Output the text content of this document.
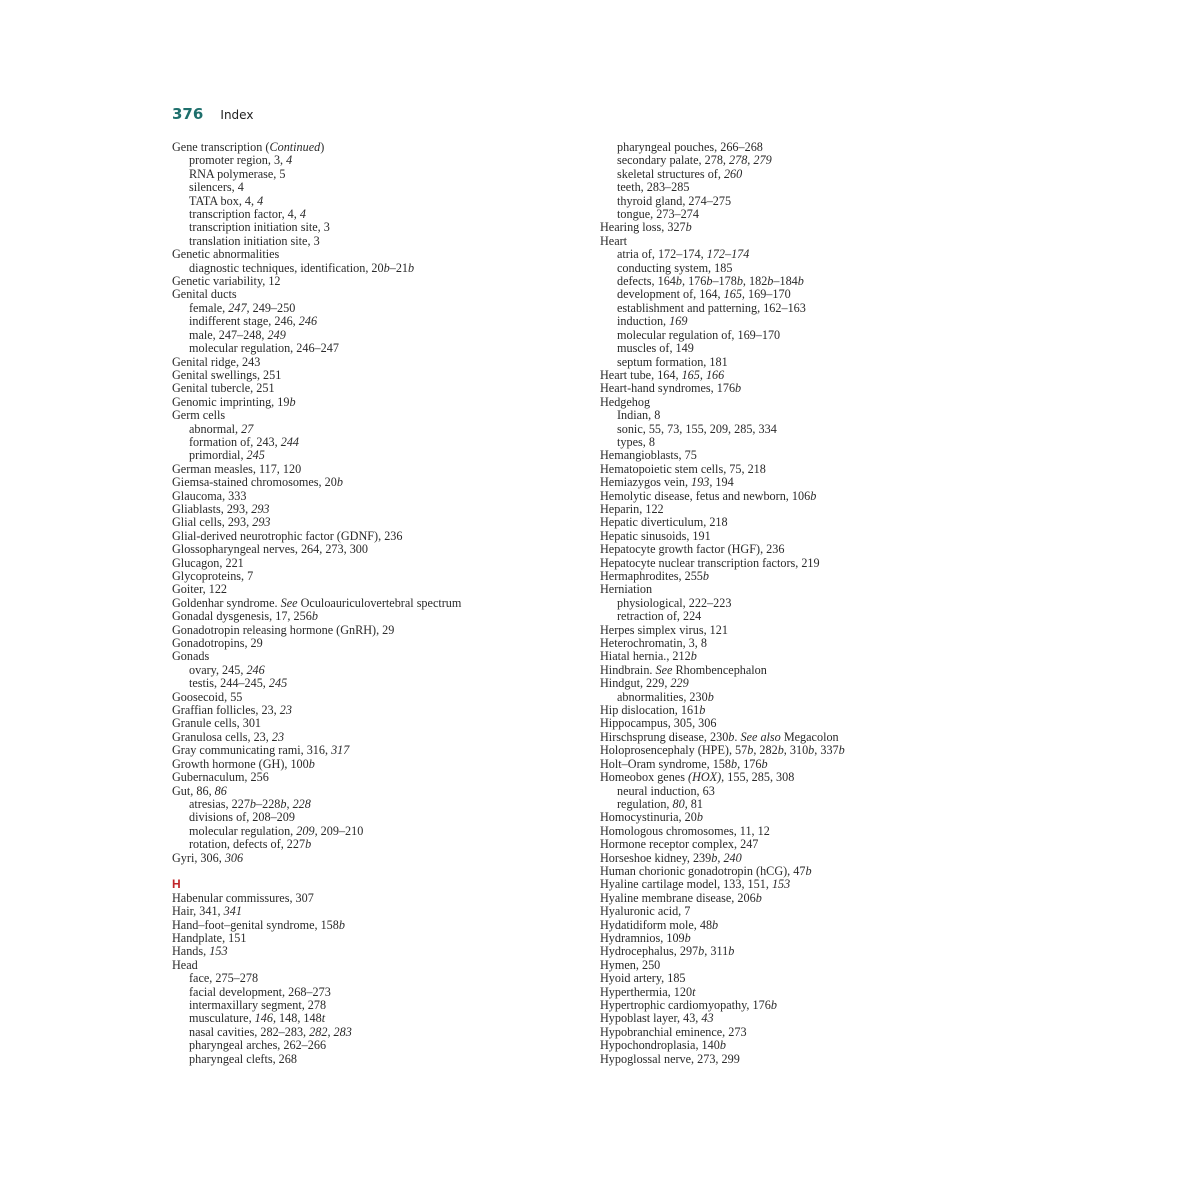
376 Index
Gene transcription (Continued)
promoter region, 3, 4
RNA polymerase, 5
silencers, 4
TATA box, 4, 4
transcription factor, 4, 4
transcription initiation site, 3
translation initiation site, 3
Genetic abnormalities
diagnostic techniques, identification, 20b–21b
Genetic variability, 12
Genital ducts
female, 247, 249–250
indifferent stage, 246, 246
male, 247–248, 249
molecular regulation, 246–247
Genital ridge, 243
Genital swellings, 251
Genital tubercle, 251
Genomic imprinting, 19b
Germ cells
abnormal, 27
formation of, 243, 244
primordial, 245
German measles, 117, 120
Giemsa-stained chromosomes, 20b
Glaucoma, 333
Gliablasts, 293, 293
Glial cells, 293, 293
Glial-derived neurotrophic factor (GDNF), 236
Glossopharyngeal nerves, 264, 273, 300
Glucagon, 221
Glycoproteins, 7
Goiter, 122
Goldenhar syndrome. See Oculoauriculovertebral spectrum
Gonadal dysgenesis, 17, 256b
Gonadotropin releasing hormone (GnRH), 29
Gonadotropins, 29
Gonads
ovary, 245, 246
testis, 244–245, 245
Goosecoid, 55
Graffian follicles, 23, 23
Granule cells, 301
Granulosa cells, 23, 23
Gray communicating rami, 316, 317
Growth hormone (GH), 100b
Gubernaculum, 256
Gut, 86, 86
atresias, 227b–228b, 228
divisions of, 208–209
molecular regulation, 209, 209–210
rotation, defects of, 227b
Gyri, 306, 306
H
Habenular commissures, 307
Hair, 341, 341
Hand–foot–genital syndrome, 158b
Handplate, 151
Hands, 153
Head
face, 275–278
facial development, 268–273
intermaxillary segment, 278
musculature, 146, 148, 148t
nasal cavities, 282–283, 282, 283
pharyngeal arches, 262–266
pharyngeal clefts, 268
pharyngeal pouches, 266–268
secondary palate, 278, 278, 279
skeletal structures of, 260
teeth, 283–285
thyroid gland, 274–275
tongue, 273–274
Hearing loss, 327b
Heart
atria of, 172–174, 172–174
conducting system, 185
defects, 164b, 176b–178b, 182b–184b
development of, 164, 165, 169–170
establishment and patterning, 162–163
induction, 169
molecular regulation of, 169–170
muscles of, 149
septum formation, 181
Heart tube, 164, 165, 166
Heart-hand syndromes, 176b
Hedgehog
Indian, 8
sonic, 55, 73, 155, 209, 285, 334
types, 8
Hemangioblasts, 75
Hematopoietic stem cells, 75, 218
Hemiazygos vein, 193, 194
Hemolytic disease, fetus and newborn, 106b
Heparin, 122
Hepatic diverticulum, 218
Hepatic sinusoids, 191
Hepatocyte growth factor (HGF), 236
Hepatocyte nuclear transcription factors, 219
Hermaphrodites, 255b
Herniation
physiological, 222–223
retraction of, 224
Herpes simplex virus, 121
Heterochromatin, 3, 8
Hiatal hernia., 212b
Hindbrain. See Rhombencephalon
Hindgut, 229, 229
abnormalities, 230b
Hip dislocation, 161b
Hippocampus, 305, 306
Hirschsprung disease, 230b. See also Megacolon
Holoprosencephaly (HPE), 57b, 282b, 310b, 337b
Holt–Oram syndrome, 158b, 176b
Homeobox genes (HOX), 155, 285, 308
neural induction, 63
regulation, 80, 81
Homocystinuria, 20b
Homologous chromosomes, 11, 12
Hormone receptor complex, 247
Horseshoe kidney, 239b, 240
Human chorionic gonadotropin (hCG), 47b
Hyaline cartilage model, 133, 151, 153
Hyaline membrane disease, 206b
Hyaluronic acid, 7
Hydatidiform mole, 48b
Hydramnios, 109b
Hydrocephalus, 297b, 311b
Hymen, 250
Hyoid artery, 185
Hyperthermia, 120t
Hypertrophic cardiomyopathy, 176b
Hypoblast layer, 43, 43
Hypobranchial eminence, 273
Hypochondroplasia, 140b
Hypoglossal nerve, 273, 299
